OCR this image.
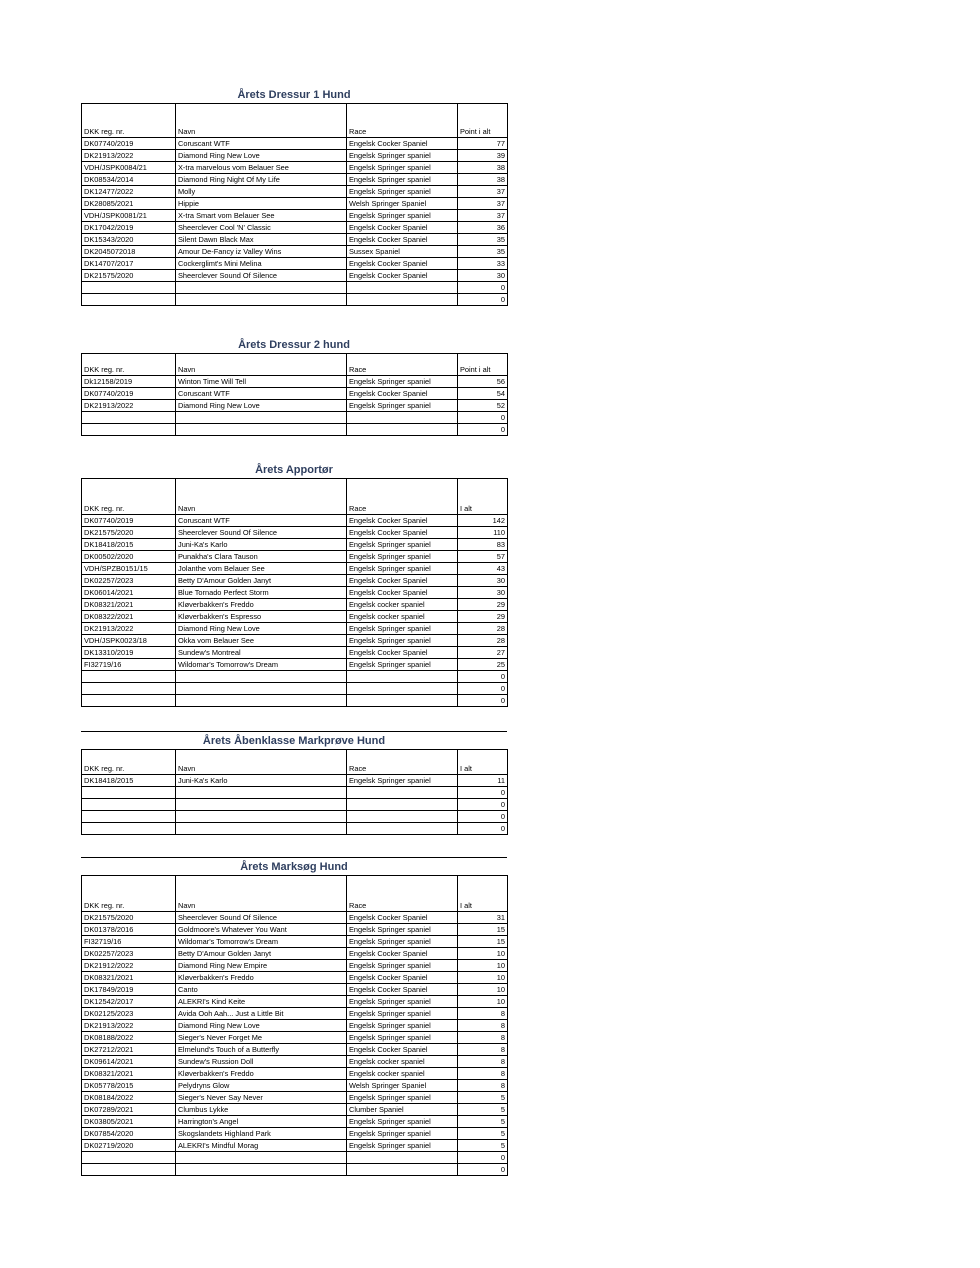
Årets Dressur 1 Hund
DKK reg. nr.	Navn	Race	Point i alt
DK07740/2019	Coruscant WTF	Engelsk Cocker Spaniel	77
DK21913/2022	Diamond Ring New Love	Engelsk Springer spaniel	39
VDH/JSPK0084/21	X-tra marvelous vom Belauer See	Engelsk Springer spaniel	38
DK08534/2014	Diamond Ring Night Of My Life	Engelsk Springer spaniel	38
DK12477/2022	Molly	Engelsk Springer spaniel	37
DK28085/2021	Hippie	Welsh Springer Spaniel	37
VDH/JSPK0081/21	X-tra Smart vom Belauer See	Engelsk Springer spaniel	37
DK17042/2019	Sheerclever Cool 'N' Classic	Engelsk Cocker Spaniel	36
DK15343/2020	Silent Dawn Black Max	Engelsk Cocker Spaniel	35
DK2045072018	Amour De-Fancy iz Valley Wins	Sussex Spaniel	35
DK14707/2017	Cockerglimt's Mini Melina	Engelsk Cocker Spaniel	33
DK21575/2020	Sheerclever Sound Of Silence	Engelsk Cocker Spaniel	30
			0
			0
Årets Dressur 2 hund
DKK reg. nr.	Navn	Race	Point i alt
Dk12158/2019	Winton Time Will Tell	Engelsk Springer spaniel	56
DK07740/2019	Coruscant WTF	Engelsk Cocker Spaniel	54
DK21913/2022	Diamond Ring New Love	Engelsk Springer spaniel	52
			0
			0
Årets Apportør
DKK reg. nr.	Navn	Race	I alt
DK07740/2019	Coruscant WTF	Engelsk Cocker Spaniel	142
DK21575/2020	Sheerclever Sound Of Silence	Engelsk Cocker Spaniel	110
DK18418/2015	Juni-Ka's Karlo	Engelsk Springer spaniel	83
DK00502/2020	Punakha's Clara Tauson	Engelsk Springer spaniel	57
VDH/SPZB0151/15	Jolanthe vom Belauer See	Engelsk Springer spaniel	43
DK02257/2023	Betty D'Amour Golden Janyt	Engelsk Cocker Spaniel	30
DK06014/2021	Blue Tornado Perfect Storm	Engelsk Cocker Spaniel	30
DK08321/2021	Kløverbakken's Freddo	Engelsk cocker spaniel	29
DK08322/2021	Kløverbakken's Espresso	Engelsk cocker spaniel	29
DK21913/2022	Diamond Ring New Love	Engelsk Springer spaniel	28
VDH/JSPK0023/18	Okka vom Belauer See	Engelsk Springer spaniel	28
DK13310/2019	Sundew's Montreal	Engelsk Cocker Spaniel	27
FI32719/16	Wildomar's Tomorrow's Dream	Engelsk Springer spaniel	25
			0
			0
			0
Årets Åbenklasse Markprøve Hund
DKK reg. nr.	Navn	Race	I alt
DK18418/2015	Juni-Ka's Karlo	Engelsk Springer spaniel	11
			0
			0
			0
			0
Årets Marksøg Hund
DKK reg. nr.	Navn	Race	I alt
DK21575/2020	Sheerclever Sound Of Silence	Engelsk Cocker Spaniel	31
DK01378/2016	Goldmoore's Whatever You Want	Engelsk Springer spaniel	15
FI32719/16	Wildomar's Tomorrow's Dream	Engelsk Springer spaniel	15
DK02257/2023	Betty D'Amour Golden Janyt	Engelsk Cocker Spaniel	10
DK21912/2022	Diamond Ring New Empire	Engelsk Springer spaniel	10
DK08321/2021	Kløverbakken's Freddo	Engelsk Cocker Spaniel	10
DK17849/2019	Canto	Engelsk Cocker Spaniel	10
DK12542/2017	ALEKRI's Kind Keite	Engelsk Springer spaniel	10
DK02125/2023	Avida Ooh Aah... Just a Little Bit	Engelsk Springer spaniel	8
DK21913/2022	Diamond Ring New Love	Engelsk Springer spaniel	8
DK08188/2022	Sieger's Never Forget Me	Engelsk Springer spaniel	8
DK27212/2021	Elmelund's Touch of a Butterfly	Engelsk Cocker Spaniel	8
DK09614/2021	Sundew's Russion Doll	Engelsk cocker spaniel	8
DK08321/2021	Kløverbakken's Freddo	Engelsk cocker spaniel	8
DK05778/2015	Pelydryns Glow	Welsh Springer Spaniel	8
DK08184/2022	Sieger's Never Say Never	Engelsk Springer spaniel	5
DK07289/2021	Clumbus Lykke	Clumber Spaniel	5
DK03805/2021	Harrington's Angel	Engelsk Springer spaniel	5
DK07854/2020	Skogslandets Highland Park	Engelsk Springer spaniel	5
DK02719/2020	ALEKRI's Mindful Morag	Engelsk Springer spaniel	5
			0
			0
